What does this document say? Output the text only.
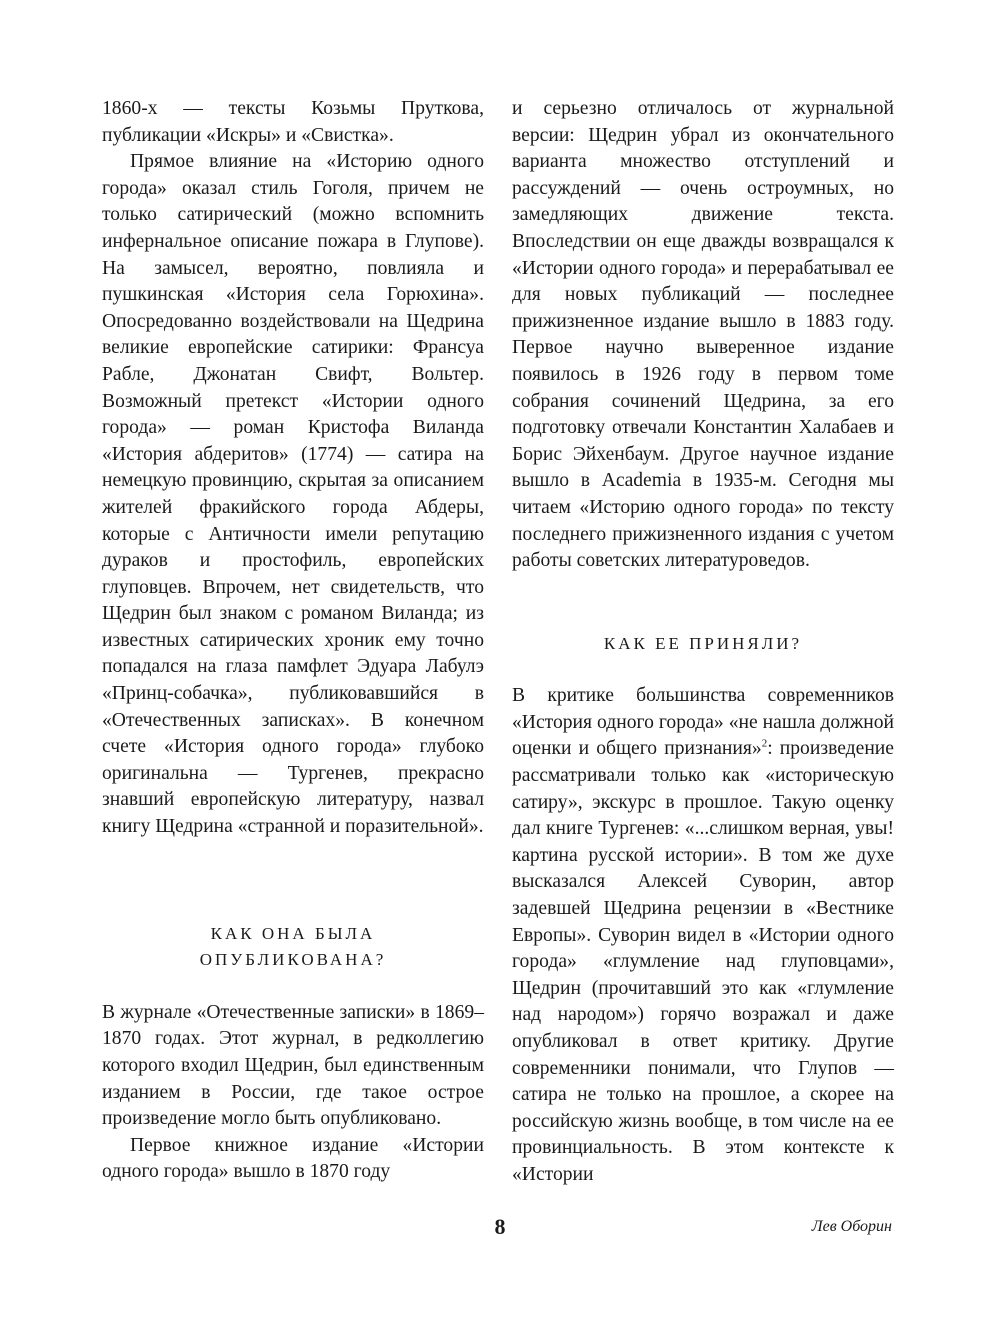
1860-х — тексты Козьмы Пруткова, публикации «Искры» и «Свистка».

Прямое влияние на «Историю одного города» оказал стиль Гоголя, причем не только сатирический (можно вспомнить инфернальное описание пожара в Глупове). На замысел, вероятно, повлияла и пушкинская «История села Горюхина». Опосредованно воздействовали на Щедрина великие европейские сатирики: Франсуа Рабле, Джонатан Свифт, Вольтер. Возможный претекст «Истории одного города» — роман Кристофа Виланда «История абдеритов» (1774) — сатира на немецкую провинцию, скрытая за описанием жителей фракийского города Абдеры, которые с Античности имели репутацию дураков и простофиль, европейских глуповцев. Впрочем, нет свидетельств, что Щедрин был знаком с романом Виланда; из известных сатирических хроник ему точно попадался на глаза памфлет Эдуара Лабулэ «Принц-собачка», публиковавшийся в «Отечественных записках». В конечном счете «История одного города» глубоко оригинальна — Тургенев, прекрасно знавший европейскую литературу, назвал книгу Щедрина «странной и поразительной».

КАК ОНА БЫЛА
ОПУБЛИКОВАНА?

В журнале «Отечественные записки» в 1869–1870 годах. Этот журнал, в редколлегию которого входил Щедрин, был единственным изданием в России, где такое острое произведение могло быть опубликовано.

Первое книжное издание «Истории одного города» вышло в 1870 году

и серьезно отличалось от журнальной версии: Щедрин убрал из окончательного варианта множество отступлений и рассуждений — очень остроумных, но замедляющих движение текста. Впоследствии он еще дважды возвращался к «Истории одного города» и перерабатывал ее для новых публикаций — последнее прижизненное издание вышло в 1883 году. Первое научно выверенное издание появилось в 1926 году в первом томе собрания сочинений Щедрина, за его подготовку отвечали Константин Халабаев и Борис Эйхенбаум. Другое научное издание вышло в Academia в 1935-м. Сегодня мы читаем «Историю одного города» по тексту последнего прижизненного издания с учетом работы советских литературоведов.

КАК ЕЕ ПРИНЯЛИ?

В критике большинства современников «История одного города» «не нашла должной оценки и общего признания»$^2$: произведение рассматривали только как «историческую сатиру», экскурс в прошлое. Такую оценку дал книге Тургенев: «...слишком верная, увы! картина русской истории». В том же духе высказался Алексей Суворин, автор задевшей Щедрина рецензии в «Вестнике Европы». Суворин видел в «Истории одного города» «глумление над глуповцами», Щедрин (прочитавший это как «глумление над народом») горячо возражал и даже опубликовал в ответ критику. Другие современники понимали, что Глупов — сатира не только на прошлое, а скорее на российскую жизнь вообще, в том числе на ее провинциальность. В этом контексте к «Истории

8	Лев Оборин
